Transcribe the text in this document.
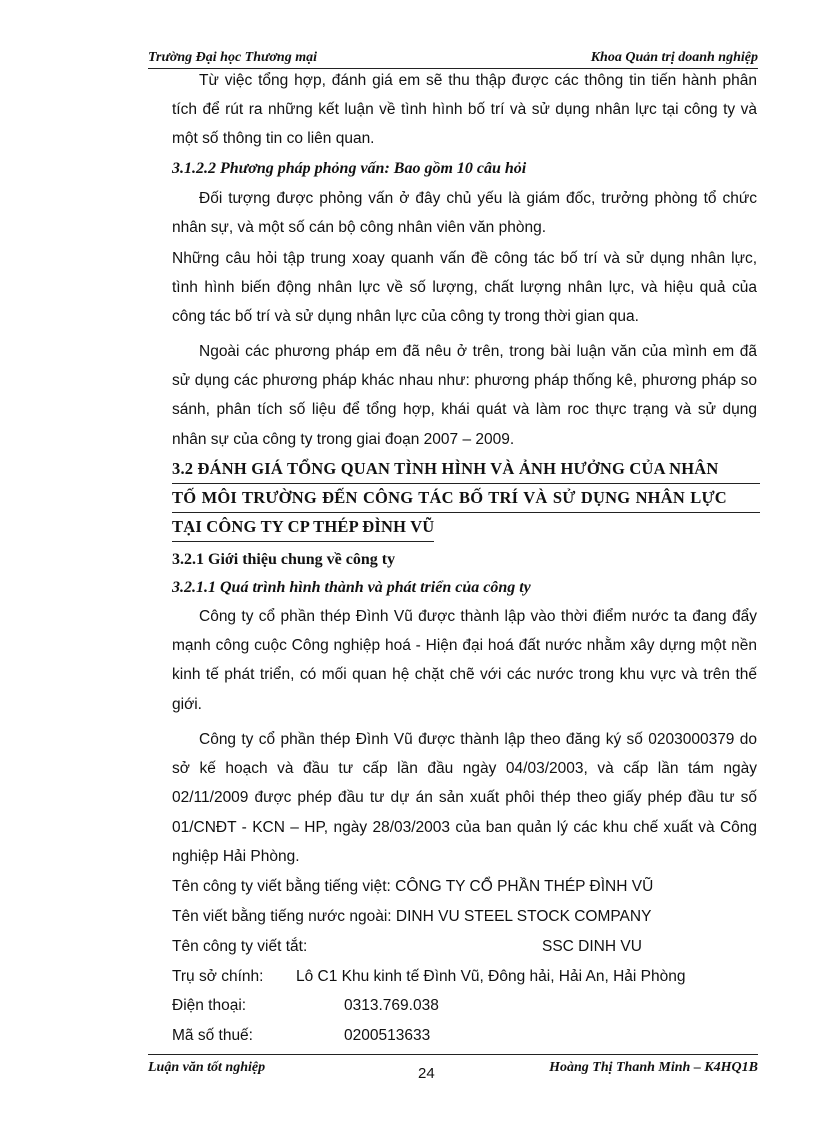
Trường Đại học Thương mại	Khoa Quản trị doanh nghiệp
Từ việc tổng hợp, đánh giá em sẽ thu thập được các thông tin tiến hành phân tích để rút ra những kết luận về tình hình bố trí và sử dụng nhân lực tại công ty và một số thông tin co liên quan.
3.1.2.2 Phương pháp phỏng vấn: Bao gồm 10 câu hỏi
Đối tượng được phỏng vấn ở đây chủ yếu là giám đốc, trưởng phòng tổ chức nhân sự, và một số cán bộ công nhân viên văn phòng.
Những câu hỏi tập trung xoay quanh vấn đề công tác bố trí và sử dụng nhân lực, tình hình biến động nhân lực về số lượng, chất lượng nhân lực, và hiệu quả của công tác bố trí và sử dụng nhân lực của công ty trong thời gian qua.
Ngoài các phương pháp em đã nêu ở trên, trong bài luận văn của mình em đã sử dụng các phương pháp khác nhau như: phương pháp thống kê, phương pháp so sánh, phân tích số liệu để tổng hợp, khái quát và làm roc thực trạng và sử dụng nhân sự của công ty trong giai đoạn 2007 – 2009.
3.2 ĐÁNH GIÁ TỔNG QUAN TÌNH HÌNH VÀ ẢNH HƯỞNG CỦA NHÂN
TỐ MÔI TRƯỜNG ĐẾN CÔNG TÁC BỐ TRÍ VÀ SỬ DỤNG NHÂN LỰC
TẠI CÔNG TY CP THÉP ĐÌNH VŨ
3.2.1 Giới thiệu chung về công ty
3.2.1.1 Quá trình hình thành và phát triển của công ty
Công ty cổ phần thép Đình Vũ được thành lập vào thời điểm nước ta đang đẩy mạnh công cuộc Công nghiệp hoá - Hiện đại hoá đất nước nhằm xây dựng một nền kinh tế phát triển, có mối quan hệ chặt chẽ với các nước trong khu vực và trên thế giới.
Công ty cổ phần thép Đình Vũ được thành lập theo đăng ký số 0203000379 do sở kế hoạch và đầu tư cấp lần đầu ngày 04/03/2003, và cấp lần tám ngày 02/11/2009 được phép đầu tư dự án sản xuất phôi thép theo giấy phép đầu tư số 01/CNĐT - KCN – HP, ngày 28/03/2003 của ban quản lý các khu chế xuất và Công nghiệp Hải Phòng.
Tên công ty viết bằng tiếng việt: CÔNG TY CỔ PHẦN THÉP ĐÌNH VŨ
Tên viết bằng tiếng nước ngoài: DINH VU STEEL STOCK COMPANY
Tên công ty viết tắt:	SSC DINH VU
Trụ sở chính: Lô C1 Khu kinh tế Đình Vũ, Đông hải, Hải An, Hải Phòng
Điện thoại:	0313.769.038
Mã số thuế:	0200513633
Luận văn tốt nghiệp	24	Hoàng Thị Thanh Minh – K4HQ1B
